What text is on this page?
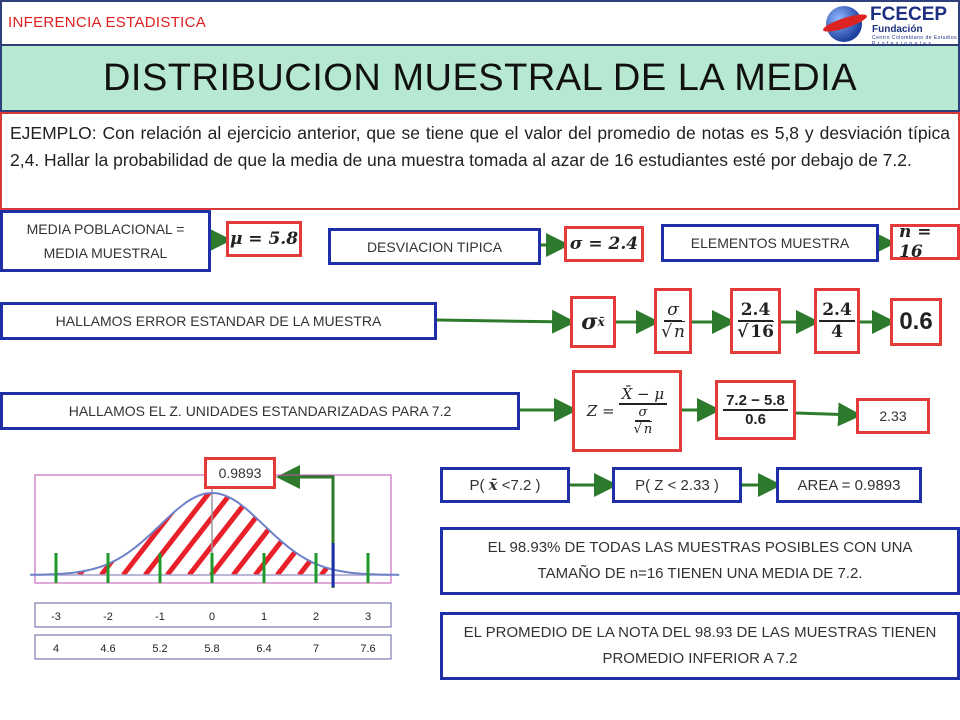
INFERENCIA ESTADISTICA	FCECEP
Fundación
Centro Colombiano de Estudios

DISTRIBUCION MUESTRAL DE LA MEDIA
EJEMPLO: Con relación al ejercicio anterior, que se tiene que el valor del promedio de notas es 5,8 y desviación típica 2,4. Hallar la probabilidad de que la media de una muestra tomada al azar de 16 estudiantes esté por debajo de 7.2.
MEDIA POBLACIONAL = MEDIA MUESTRAL
μ = 5.8	DESVIACION TIPICA	σ = 2.4	ELEMENTOS MUESTRA
n = 16
HALLAMOS ERROR ESTANDAR DE LA MUESTRA	σ x̄	$\frac{\sigma}{√ n}$	$\frac{2.4}{√ 16}$	$\frac{2.4}{4}$	0.6
HALLAMOS EL Z. UNIDADES ESTANDARIZADAS PARA 7.2	$Z = \frac{X̄ - \mu}{\frac{\sigma}{√ n}}$	$\frac{7.2 - 5.8}{0.6}$	2.33
P(
x̄
<7.2 )	P( Z < 2.33 )	AREA = 0.9893
EL 98.93% DE TODAS LAS MUESTRAS POSIBLES CON UNA TAMAÑO DE n=16 TIENEN UNA MEDIA DE 7.2.
EL PROMEDIO DE LA NOTA DEL 98.93 DE LAS MUESTRAS TIENEN PROMEDIO INFERIOR A 7.2
-3	-2	-1	0	1	2	3
4	4.6	5.2	5.8	6.4	7	7.6
0.9893
